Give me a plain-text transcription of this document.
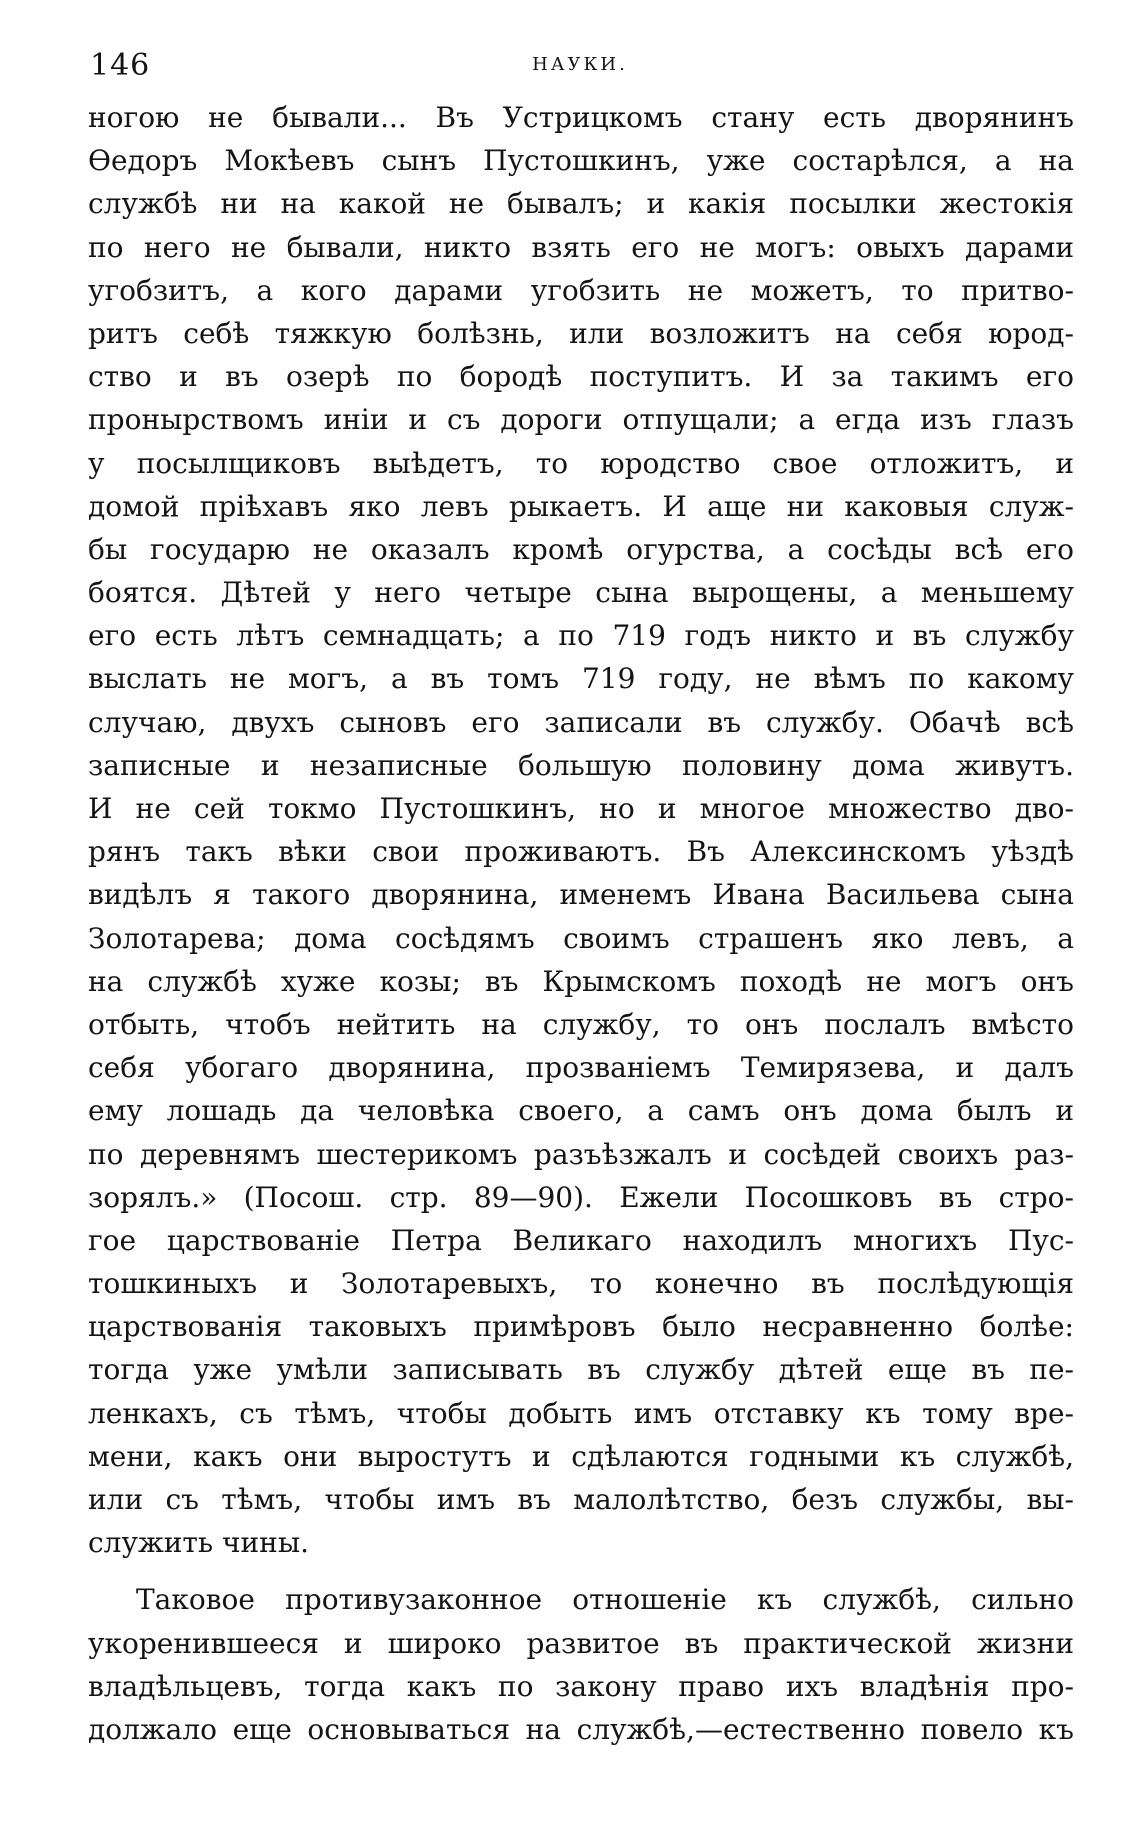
146	НАУКИ.
ногою не бывали... Въ Устрицкомъ стану есть дворянинъ
Ѳедоръ Мокѣевъ сынъ Пустошкинъ, уже состарѣлся, а на
службѣ ни на какой не бывалъ; и какія посылки жестокія
по него не бывали, никто взять его не могъ: овыхъ дарами
угобзитъ, а кого дарами угобзить не можетъ, то притво-
ритъ себѣ тяжкую болѣзнь, или возложитъ на себя юрод-
ство и въ озерѣ по бородѣ поступитъ. И за такимъ его
пронырствомъ иніи и съ дороги отпущали; а егда изъ глазъ
у посылщиковъ выѣдетъ, то юродство свое отложитъ, и
домой пріѣхавъ яко левъ рыкаетъ. И аще ни каковыя служ-
бы государю не оказалъ кромѣ огурства, а сосѣды всѣ его
боятся. Дѣтей у него четыре сына вырощены, а меньшему
его есть лѣтъ семнадцать; а по 719 годъ никто и въ службу
выслать не могъ, а въ томъ 719 году, не вѣмъ по какому
случаю, двухъ сыновъ его записали въ службу. Обачѣ всѣ
записные и незаписные большую половину дома живутъ.
И не сей токмо Пустошкинъ, но и многое множество дво-
рянъ такъ вѣки свои проживаютъ. Въ Алексинскомъ уѣздѣ
видѣлъ я такого дворянина, именемъ Ивана Васильева сына
Золотарева; дома сосѣдямъ своимъ страшенъ яко левъ, а
на службѣ хуже козы; въ Крымскомъ походѣ не могъ онъ
отбыть, чтобъ нейтить на службу, то онъ послалъ вмѣсто
себя убогаго дворянина, прозваніемъ Темирязева, и далъ
ему лошадь да человѣка своего, а самъ онъ дома былъ и
по деревнямъ шестерикомъ разъѣзжалъ и сосѣдей своихъ раз-
зорялъ.» (Посош. стр. 89—90). Ежели Посошковъ въ стро-
гое царствованіе Петра Великаго находилъ многихъ Пус-
тошкиныхъ и Золотаревыхъ, то конечно въ послѣдующія
царствованія таковыхъ примѣровъ было несравненно болѣе:
тогда уже умѣли записывать въ службу дѣтей еще въ пе-
ленкахъ, съ тѣмъ, чтобы добыть имъ отставку къ тому вре-
мени, какъ они выростутъ и сдѣлаются годными къ службѣ,
или съ тѣмъ, чтобы имъ въ малолѣтство, безъ службы, вы-
служить чины.
Таковое противузаконное отношеніе къ службѣ, сильно
укоренившееся и широко развитое въ практической жизни
владѣльцевъ, тогда какъ по закону право ихъ владѣнія про-
должало еще основываться на службѣ,—естественно повело къ
